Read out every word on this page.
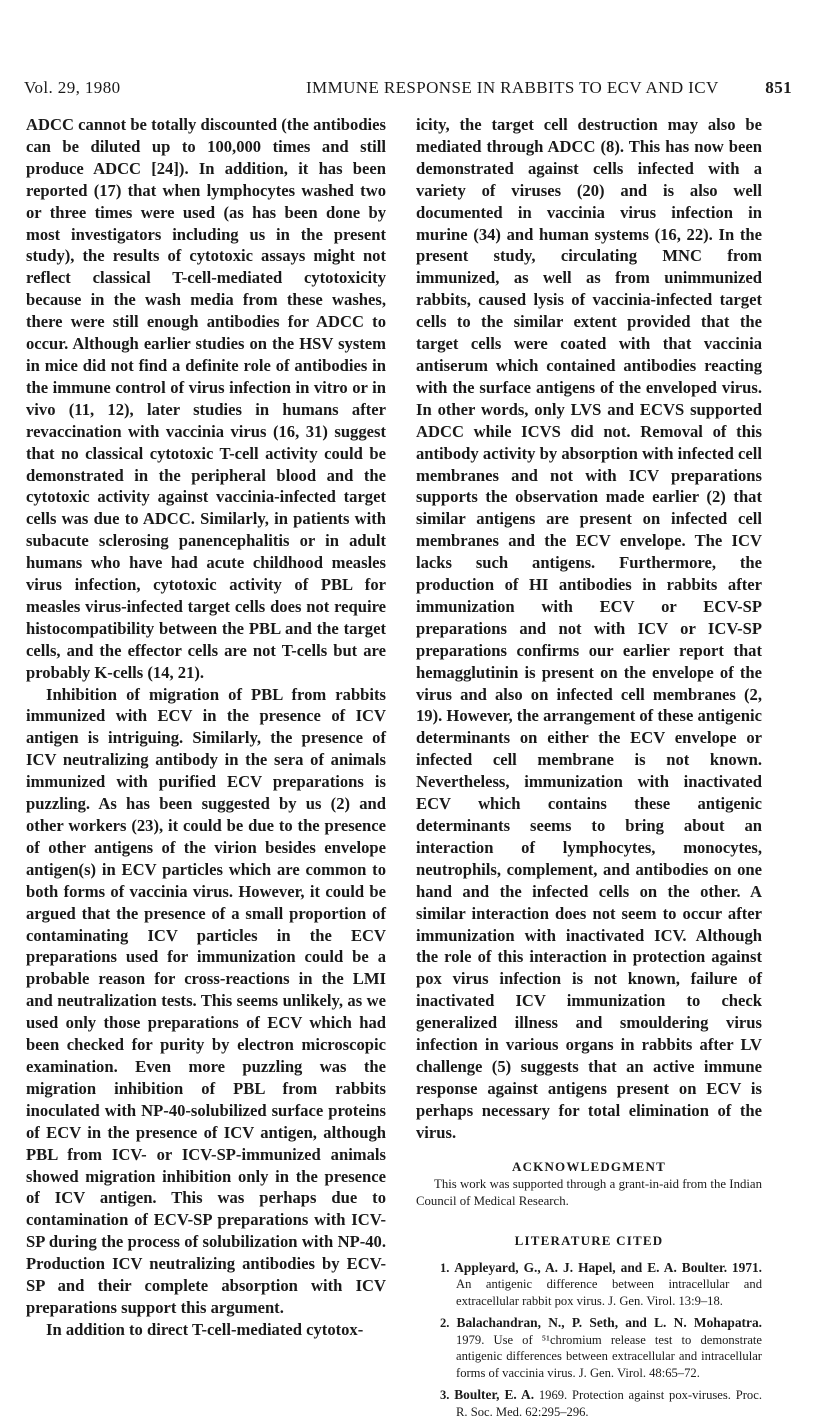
Vol. 29, 1980	IMMUNE RESPONSE IN RABBITS TO ECV AND ICV	851

ADCC cannot be totally discounted (the antibodies can be diluted up to 100,000 times and still produce ADCC [24]). In addition, it has been reported (17) that when lymphocytes washed two or three times were used (as has been done by most investigators including us in the present study), the results of cytotoxic assays might not reflect classical T-cell-mediated cytotoxicity because in the wash media from these washes, there were still enough antibodies for ADCC to occur. Although earlier studies on the HSV system in mice did not find a definite role of antibodies in the immune control of virus infection in vitro or in vivo (11, 12), later studies in humans after revaccination with vaccinia virus (16, 31) suggest that no classical cytotoxic T-cell activity could be demonstrated in the peripheral blood and the cytotoxic activity against vaccinia-infected target cells was due to ADCC. Similarly, in patients with subacute sclerosing panencephalitis or in adult humans who have had acute childhood measles virus infection, cytotoxic activity of PBL for measles virus-infected target cells does not require histocompatibility between the PBL and the target cells, and the effector cells are not T-cells but are probably K-cells (14, 21).

Inhibition of migration of PBL from rabbits immunized with ECV in the presence of ICV antigen is intriguing. Similarly, the presence of ICV neutralizing antibody in the sera of animals immunized with purified ECV preparations is puzzling. As has been suggested by us (2) and other workers (23), it could be due to the presence of other antigens of the virion besides envelope antigen(s) in ECV particles which are common to both forms of vaccinia virus. However, it could be argued that the presence of a small proportion of contaminating ICV particles in the ECV preparations used for immunization could be a probable reason for cross-reactions in the LMI and neutralization tests. This seems unlikely, as we used only those preparations of ECV which had been checked for purity by electron microscopic examination. Even more puzzling was the migration inhibition of PBL from rabbits inoculated with NP-40-solubilized surface proteins of ECV in the presence of ICV antigen, although PBL from ICV- or ICV-SP-immunized animals showed migration inhibition only in the presence of ICV antigen. This was perhaps due to contamination of ECV-SP preparations with ICV-SP during the process of solubilization with NP-40. Production ICV neutralizing antibodies by ECV-SP and their complete absorption with ICV preparations support this argument.

In addition to direct T-cell-mediated cytotox-

icity, the target cell destruction may also be mediated through ADCC (8). This has now been demonstrated against cells infected with a variety of viruses (20) and is also well documented in vaccinia virus infection in murine (34) and human systems (16, 22). In the present study, circulating MNC from immunized, as well as from unimmunized rabbits, caused lysis of vaccinia-infected target cells to the similar extent provided that the target cells were coated with that vaccinia antiserum which contained antibodies reacting with the surface antigens of the enveloped virus. In other words, only LVS and ECVS supported ADCC while ICVS did not. Removal of this antibody activity by absorption with infected cell membranes and not with ICV preparations supports the observation made earlier (2) that similar antigens are present on infected cell membranes and the ECV envelope. The ICV lacks such antigens. Furthermore, the production of HI antibodies in rabbits after immunization with ECV or ECV-SP preparations and not with ICV or ICV-SP preparations confirms our earlier report that hemagglutinin is present on the envelope of the virus and also on infected cell membranes (2, 19). However, the arrangement of these antigenic determinants on either the ECV envelope or infected cell membrane is not known. Nevertheless, immunization with inactivated ECV which contains these antigenic determinants seems to bring about an interaction of lymphocytes, monocytes, neutrophils, complement, and antibodies on one hand and the infected cells on the other. A similar interaction does not seem to occur after immunization with inactivated ICV. Although the role of this interaction in protection against pox virus infection is not known, failure of inactivated ICV immunization to check generalized illness and smouldering virus infection in various organs in rabbits after LV challenge (5) suggests that an active immune response against antigens present on ECV is perhaps necessary for total elimination of the virus.

ACKNOWLEDGMENT

This work was supported through a grant-in-aid from the Indian Council of Medical Research.

LITERATURE CITED
1. Appleyard, G., A. J. Hapel, and E. A. Boulter. 1971. An antigenic difference between intracellular and extracellular rabbit pox virus. J. Gen. Virol. 13:9–18.
2. Balachandran, N., P. Seth, and L. N. Mohapatra. 1979. Use of ⁵¹chromium release test to demonstrate antigenic differences between extracellular and intracellular forms of vaccinia virus. J. Gen. Virol. 48:65–72.
3. Boulter, E. A. 1969. Protection against pox-viruses. Proc. R. Soc. Med. 62:295–296.
